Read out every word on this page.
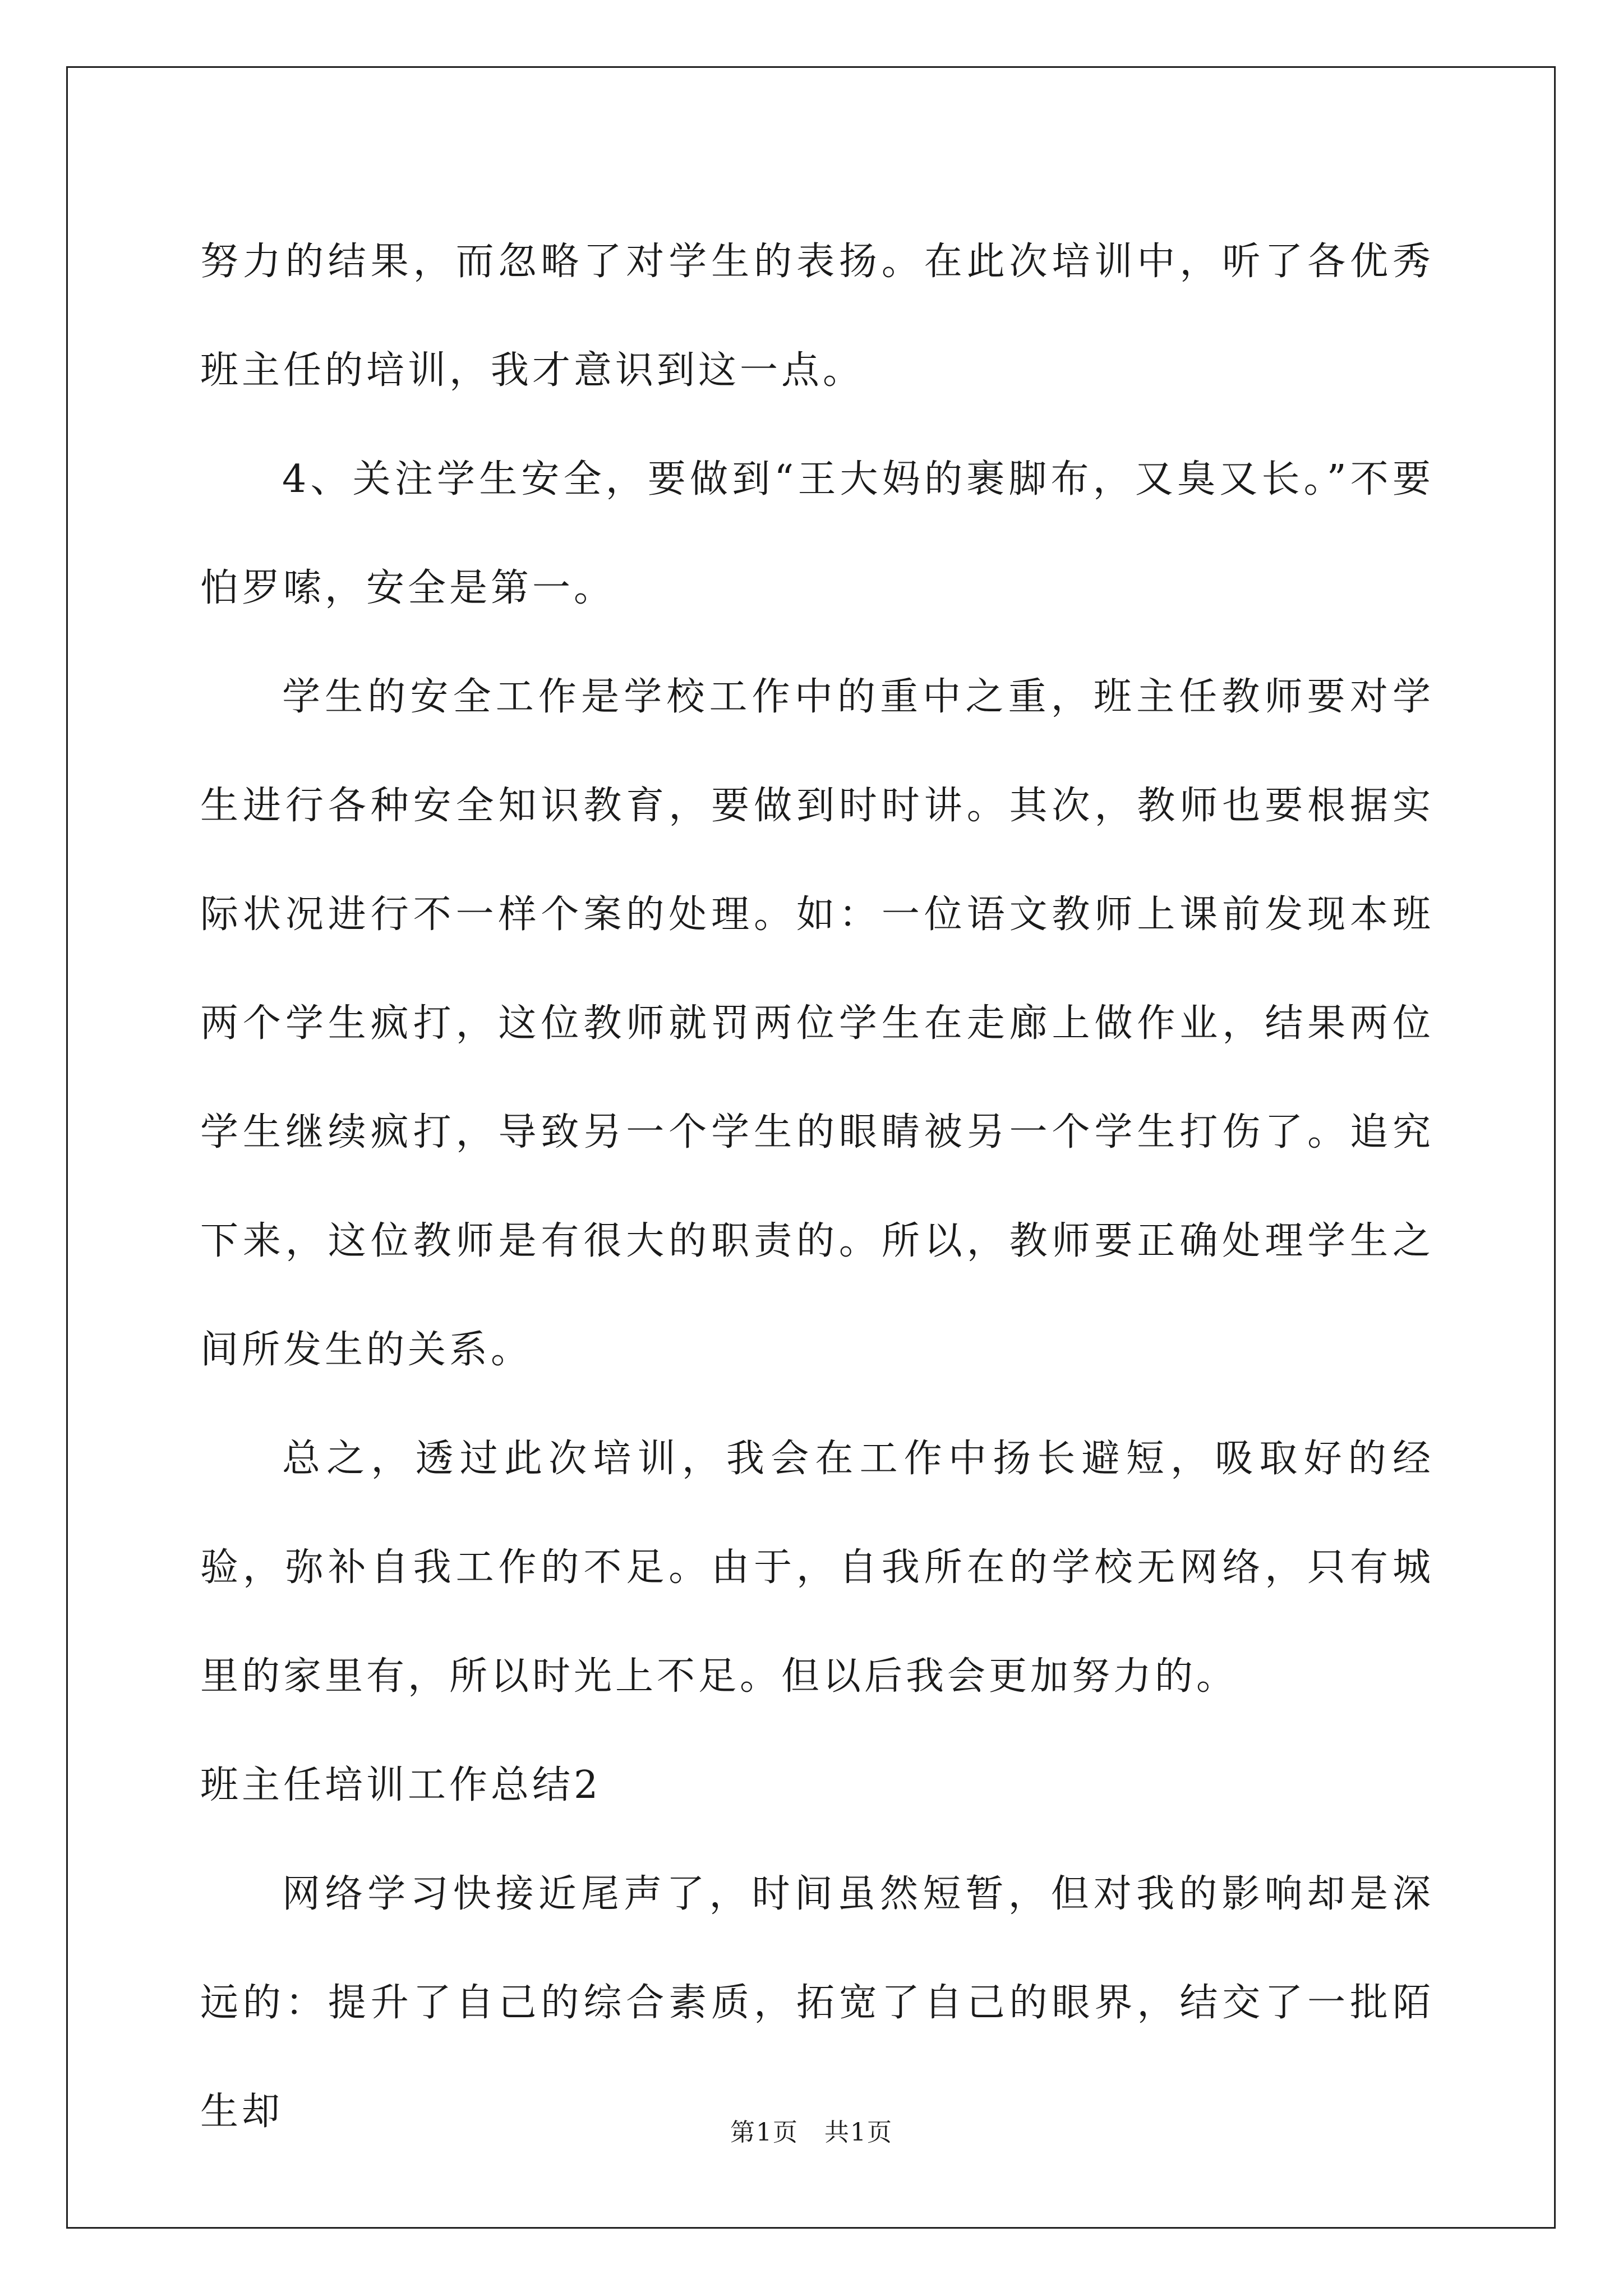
努力的结果，而忽略了对学生的表扬。在此次培训中，听了各优秀班主任的培训，我才意识到这一点。

4、关注学生安全，要做到“王大妈的裹脚布，又臭又长。”不要怕罗嗦，安全是第一。

学生的安全工作是学校工作中的重中之重，班主任教师要对学生进行各种安全知识教育，要做到时时讲。其次，教师也要根据实际状况进行不一样个案的处理。如：一位语文教师上课前发现本班两个学生疯打，这位教师就罚两位学生在走廊上做作业，结果两位学生继续疯打，导致另一个学生的眼睛被另一个学生打伤了。追究下来，这位教师是有很大的职责的。所以，教师要正确处理学生之间所发生的关系。

总之，透过此次培训，我会在工作中扬长避短，吸取好的经验，弥补自我工作的不足。由于，自我所在的学校无网络，只有城里的家里有，所以时光上不足。但以后我会更加努力的。

班主任培训工作总结2

网络学习快接近尾声了，时间虽然短暂，但对我的影响却是深远的：提升了自己的综合素质，拓宽了自己的眼界，结交了一批陌生却	第1页　共1页
